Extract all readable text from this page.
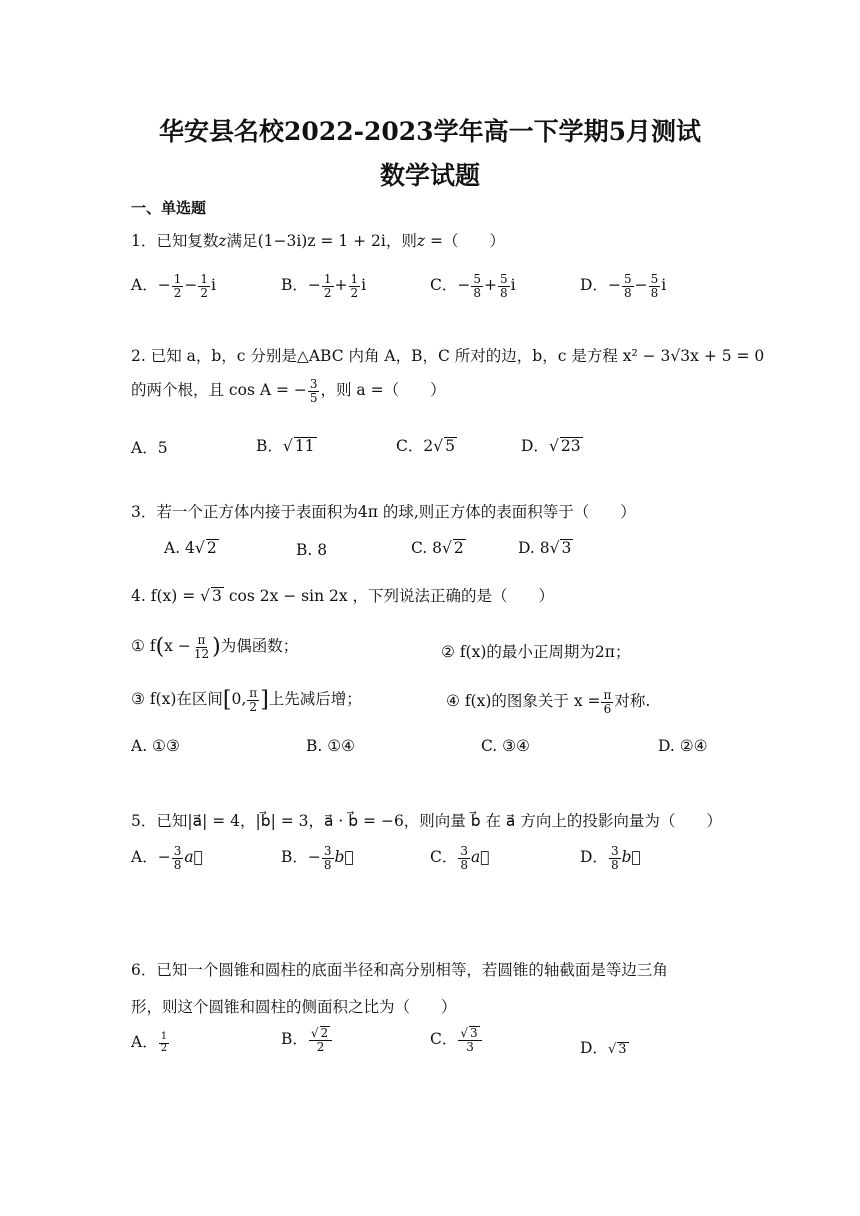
华安县名校2022-2023学年高一下学期5月测试
数学试题
一、单选题
1．已知复数z满足(1−3i)z = 1 + 2i，则z =（　　）
A．− $\frac{1}{2} - \frac{1}{2}$ i	B．− $\frac{1}{2} + \frac{1}{2}$ i	C．− $\frac{5}{8} + \frac{5}{8}$ i	D．− $\frac{5}{8} - \frac{5}{8}$ i
2. 已知 a，b，c 分别是△ABC 内角 A，B，C 所对的边，b，c 是方程 x² − 3√3x + 5 = 0
的两个根，且 cos A = − $\frac{3}{5}$ ，则 a =（　　）
A．5	B．√ 11	C．2√ 5	D．√ 23
3．若一个正方体内接于表面积为4π 的球,则正方体的表面积等于（　　）
A. 4√ 2	B. 8	C. 8√ 2	D. 8√ 3
4. f(x) = √ 3 cos 2x − sin 2x ，下列说法正确的是（　　）
① $f(x - \frac{\pi}{12}$ )为偶函数；	② f(x)的最小正周期为2π；
③ f(x)在区间[0, $\frac{\pi}{2}$ ]上先减后增；	④ f(x)的图象关于 $x = \frac{\pi}{6}$ 对称.
A. ①③	B. ①④	C. ③④	D. ②④
5．已知|a⃗| = 4，|b⃗| = 3，a⃗ · b⃗ = −6，则向量 b⃗ 在 a⃗ 方向上的投影向量为（　　）
A．− $\frac{3}{8}$ a⃗	B．− $\frac{3}{8}$ b⃗	C． $\frac{3}{8}$ a⃗	D． $\frac{3}{8}$ b⃗
6．已知一个圆锥和圆柱的底面半径和高分别相等，若圆锥的轴截面是等边三角
形，则这个圆锥和圆柱的侧面积之比为（　　）
A． $\frac{1}{2}$	B． $\frac{√ 2}{2}$	C． $\frac{√ 3}{3}$	D．√ 3
